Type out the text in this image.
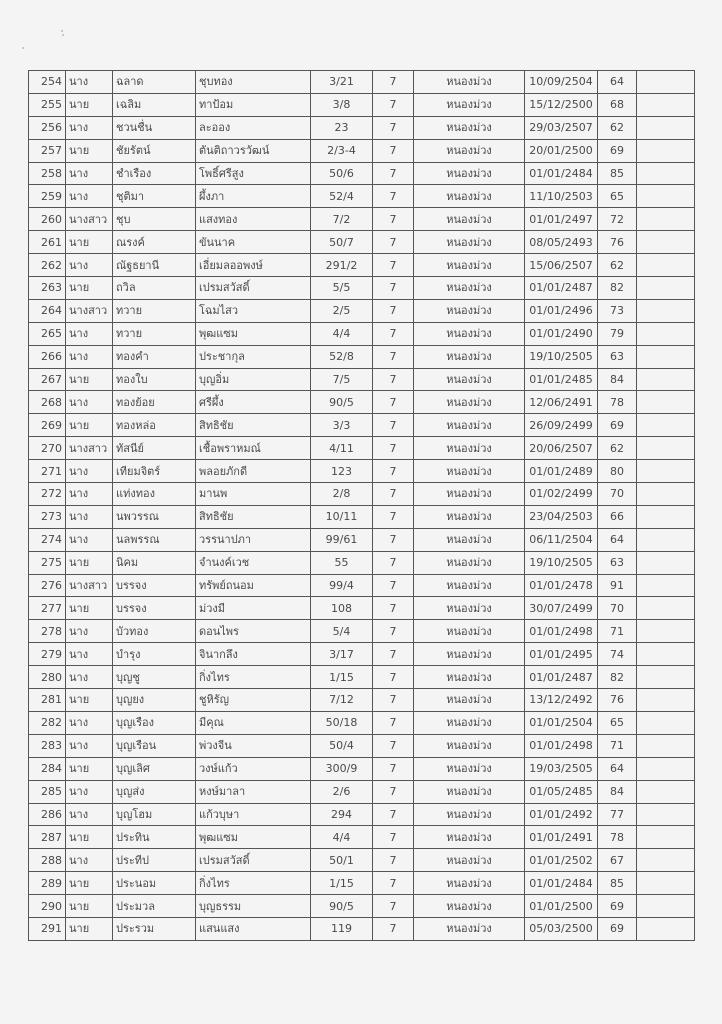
254	นาง	ฉลาด	ชุบทอง	3/21	7	หนองม่วง	10/09/2504	64	
255	นาย	เฉลิม	ทาป้อม	3/8	7	หนองม่วง	15/12/2500	68	
256	นาง	ชวนชื่น	ละออง	23	7	หนองม่วง	29/03/2507	62	
257	นาย	ชัยรัตน์	ตันติถาวรวัฒน์	2/3-4	7	หนองม่วง	20/01/2500	69	
258	นาง	ชำเรือง	โพธิ์ศรีสูง	50/6	7	หนองม่วง	01/01/2484	85	
259	นาง	ชุติมา	ผึ้งภา	52/4	7	หนองม่วง	11/10/2503	65	
260	นางสาว	ชุบ	แสงทอง	7/2	7	หนองม่วง	01/01/2497	72	
261	นาย	ณรงค์	ขันนาค	50/7	7	หนองม่วง	08/05/2493	76	
262	นาง	ณัฐธยานี	เอี่ยมลออพงษ์	291/2	7	หนองม่วง	15/06/2507	62	
263	นาย	ถวิล	เปรมสวัสดิ์	5/5	7	หนองม่วง	01/01/2487	82	
264	นางสาว	ทวาย	โฉมไสว	2/5	7	หนองม่วง	01/01/2496	73	
265	นาง	ทวาย	พุฒแซม	4/4	7	หนองม่วง	01/01/2490	79	
266	นาง	ทองคำ	ประชากุล	52/8	7	หนองม่วง	19/10/2505	63	
267	นาย	ทองใบ	บุญอิ่ม	7/5	7	หนองม่วง	01/01/2485	84	
268	นาง	ทองย้อย	ศรีผึ้ง	90/5	7	หนองม่วง	12/06/2491	78	
269	นาย	ทองหล่อ	สิทธิชัย	3/3	7	หนองม่วง	26/09/2499	69	
270	นางสาว	ทัสนีย์	เชื้อพราหมณ์	4/11	7	หนองม่วง	20/06/2507	62	
271	นาง	เทียมจิตร์	พลอยภักดี	123	7	หนองม่วง	01/01/2489	80	
272	นาง	แท่งทอง	มานพ	2/8	7	หนองม่วง	01/02/2499	70	
273	นาง	นพวรรณ	สิทธิชัย	10/11	7	หนองม่วง	23/04/2503	66	
274	นาง	นลพรรณ	วรรนาปภา	99/61	7	หนองม่วง	06/11/2504	64	
275	นาย	นิคม	จำนงค์เวช	55	7	หนองม่วง	19/10/2505	63	
276	นางสาว	บรรจง	ทรัพย์ถนอม	99/4	7	หนองม่วง	01/01/2478	91	
277	นาย	บรรจง	ม่วงมี	108	7	หนองม่วง	30/07/2499	70	
278	นาง	บัวทอง	ดอนไพร	5/4	7	หนองม่วง	01/01/2498	71	
279	นาง	บำรุง	จินากลึง	3/17	7	หนองม่วง	01/01/2495	74	
280	นาง	บุญชู	กิ่งไทร	1/15	7	หนองม่วง	01/01/2487	82	
281	นาย	บุญยง	ชูหิรัญ	7/12	7	หนองม่วง	13/12/2492	76	
282	นาง	บุญเรือง	มีคุณ	50/18	7	หนองม่วง	01/01/2504	65	
283	นาง	บุญเรือน	พ่วงจีน	50/4	7	หนองม่วง	01/01/2498	71	
284	นาย	บุญเลิศ	วงษ์แก้ว	300/9	7	หนองม่วง	19/03/2505	64	
285	นาง	บุญส่ง	หงษ์มาลา	2/6	7	หนองม่วง	01/05/2485	84	
286	นาง	บุญโฮม	แก้วบุษา	294	7	หนองม่วง	01/01/2492	77	
287	นาย	ประทิน	พุฒแซม	4/4	7	หนองม่วง	01/01/2491	78	
288	นาง	ประทีป	เปรมสวัสดิ์	50/1	7	หนองม่วง	01/01/2502	67	
289	นาย	ประนอม	กิ่งไทร	1/15	7	หนองม่วง	01/01/2484	85	
290	นาย	ประมวล	บุญธรรม	90/5	7	หนองม่วง	01/01/2500	69	
291	นาย	ประรวม	แสนแสง	119	7	หนองม่วง	05/03/2500	69	
